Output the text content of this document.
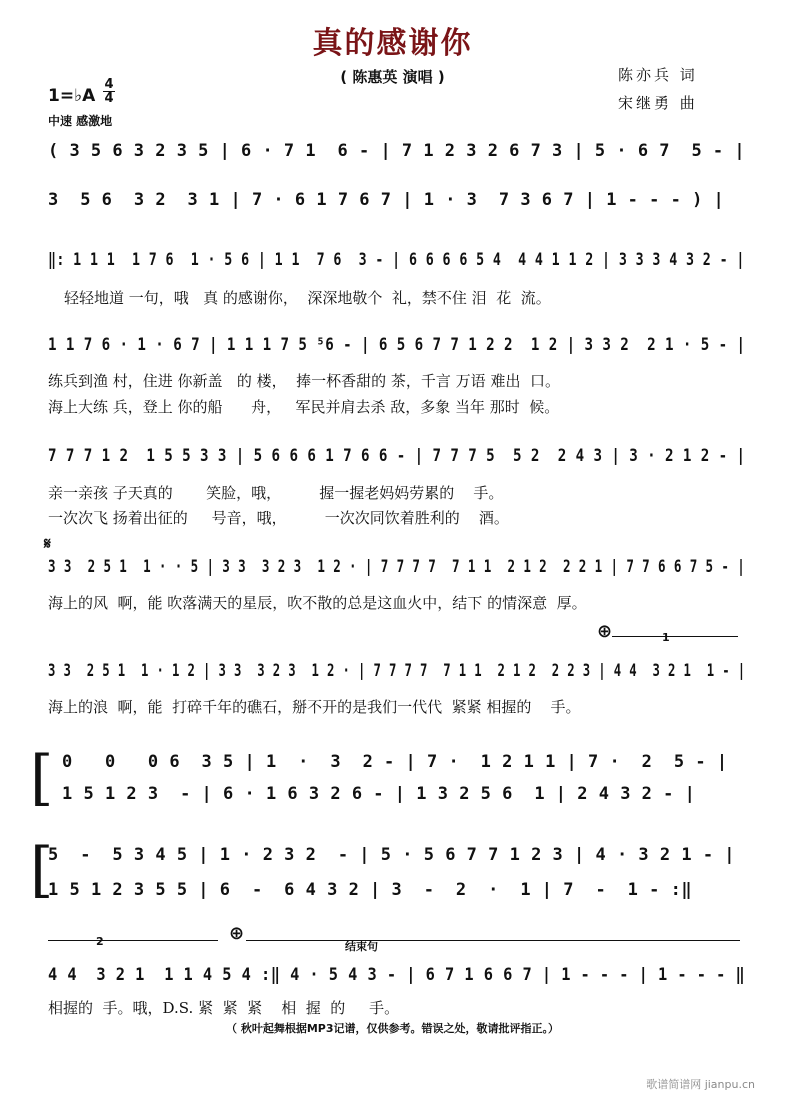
真的感谢你
( 陈惠英 演唱 )	陈亦兵 词
宋继勇 曲
1=♭A
4
4
中速 感激地
( 3 5 6 3 2 3 5 | 6 · 7 1  6 - | 7 1 2 3 2 6 7 3 | 5 · 6 7  5 - |
3  5 6  3 2  3 1 | 7 · 6 1 7 6 7 | 1 · 3  7 3 6 7 | 1 - - - ) |
‖: 1 1 1  1 7 6  1 · 5 6 | 1 1  7 6  3 - | 6 6 6 6 5 4  4 4 1 1 2 | 3 3 3 4 3 2 - |
轻轻地道 一句，哦   真 的感谢你，  深深地敬个  礼，禁不住 泪  花  流。
1 1 7 6 · 1 · 6 7 | 1 1 1 7 5 ⁵6 - | 6 5 6 7 7 1 2 2  1 2 | 3 3 2  2 1 · 5 - |
练兵到渔 村，住进 你新盖   的 楼，  捧一杯香甜的 茶，千言 万语 难出  口。
海上大练 兵，登上 你的船      舟，   军民并肩去杀 敌，多象 当年 那时  候。
7 7 7 1 2  1 5 5 3 3 | 5 6 6 6 1 7 6 6 - | 7 7 7 5  5 2  2 4 3 | 3 · 2 1 2 - |
亲一亲孩 子天真的       笑脸，哦，        握一握老妈妈劳累的    手。
一次次飞 扬着出征的     号音，哦，        一次次同饮着胜利的    酒。
𝄋
3 3  2 5 1  1 · · 5 | 3 3  3 2 3  1 2 · | 7 7 7 7  7 1 1  2 1 2  2 2 1 | 7 7 6 6 7 5 - |
海上的风  啊，能 吹落满天的星辰，吹不散的总是这血火中，结下 的情深意  厚。
⊕	1
3 3  2 5 1  1 · 1 2 | 3 3  3 2 3  1 2 · | 7 7 7 7  7 1 1  2 1 2  2 2 3 | 4 4  3 2 1  1 - |
海上的浪  啊，能  打碎千年的礁石，掰不开的是我们一代代  紧紧 相握的    手。
[ 0   0   0 6  3 5 | 1  ·  3  2 - | 7 ·  1 2 1 1 | 7 ·  2  5 - |
1 5 1 2 3  - | 6 · 1 6 3 2 6 - | 1 3 2 5 6  1 | 2 4 3 2 - |
[
5  -  5 3 4 5 | 1 · 2 3 2  - | 5 · 5 6 7 7 1 2 3 | 4 · 3 2 1 - |
1 5 1 2 3 5 5 | 6  -  6 4 3 2 | 3  -  2  ·  1 | 7  -  1 - :‖
2	⊕
结束句
4 4  3 2 1  1 1 4 5 4 :‖ 4 · 5 4 3 - | 6 7 1 6 6 7 | 1 - - - | 1 - - - ‖
相握的  手。哦，D.S. 紧  紧  紧    相  握  的     手。
（ 秋叶起舞根据MP3记谱，仅供参考。错误之处，敬请批评指正。）
歌谱简谱网 jianpu.cn
